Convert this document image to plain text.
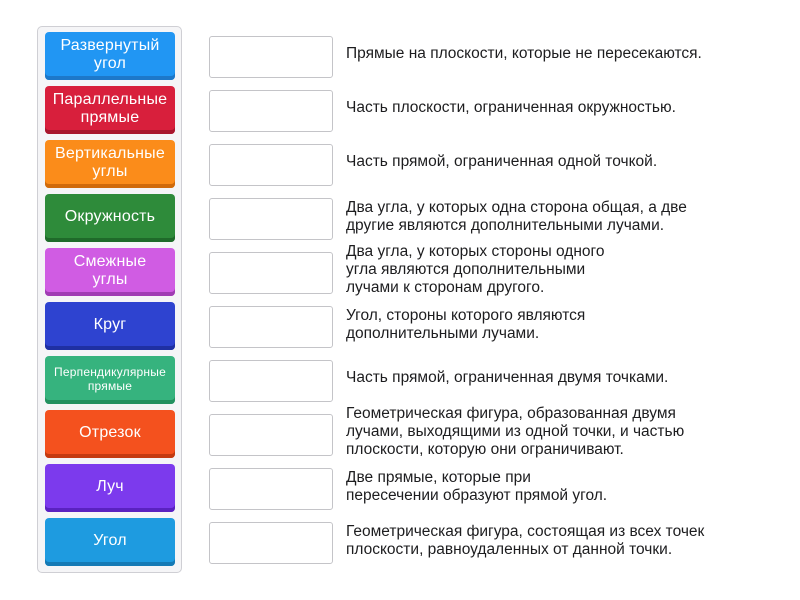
Развернутый
угол
Параллельные
прямые
Вертикальные
углы
Окружность
Смежные
углы
Круг
Перпендикулярные
прямые
Отрезок
Луч
Угол
Прямые на плоскости, которые не пересекаются.
Часть плоскости, ограниченная окружностью.
Часть прямой, ограниченная одной точкой.
Два угла, у которых одна сторона общая, а две
другие являются дополнительными лучами.
Два угла, у которых стороны одного
угла являются дополнительными
лучами к сторонам другого.
Угол, стороны которого являются
дополнительными лучами.
Часть прямой, ограниченная двумя точками.
Геометрическая фигура, образованная двумя
лучами, выходящими из одной точки, и частью
плоскости, которую они ограничивают.
Две прямые, которые при
пересечении образуют прямой угол.
Геометрическая фигура, состоящая из всех точек
плоскости, равноудаленных от данной точки.
